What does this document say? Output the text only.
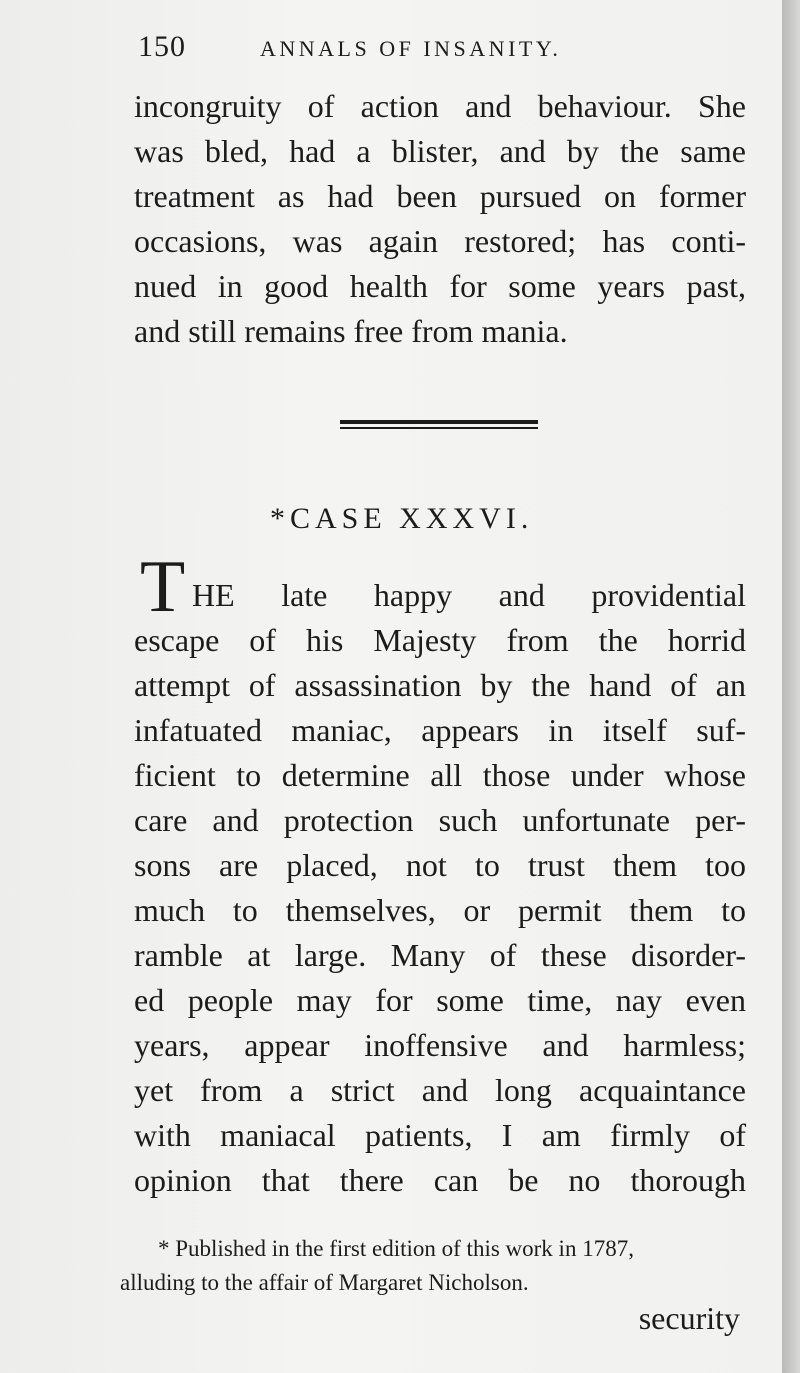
150	ANNALS OF INSANITY.
incongruity of action and behaviour. She
was bled, had a blister, and by the same
treatment as had been pursued on former
occasions, was again restored; has conti-
nued in good health for some years past,
and still remains free from mania.
*CASE XXXVI.
T HE late happy and providential
escape of his Majesty from the horrid
attempt of assassination by the hand of an
infatuated maniac, appears in itself suf-
ficient to determine all those under whose
care and protection such unfortunate per-
sons are placed, not to trust them too
much to themselves, or permit them to
ramble at large. Many of these disorder-
ed people may for some time, nay even
years, appear inoffensive and harmless;
yet from a strict and long acquaintance
with maniacal patients, I am firmly of
opinion that there can be no thorough
* Published in the first edition of this work in 1787,
alluding to the affair of Margaret Nicholson.
security
